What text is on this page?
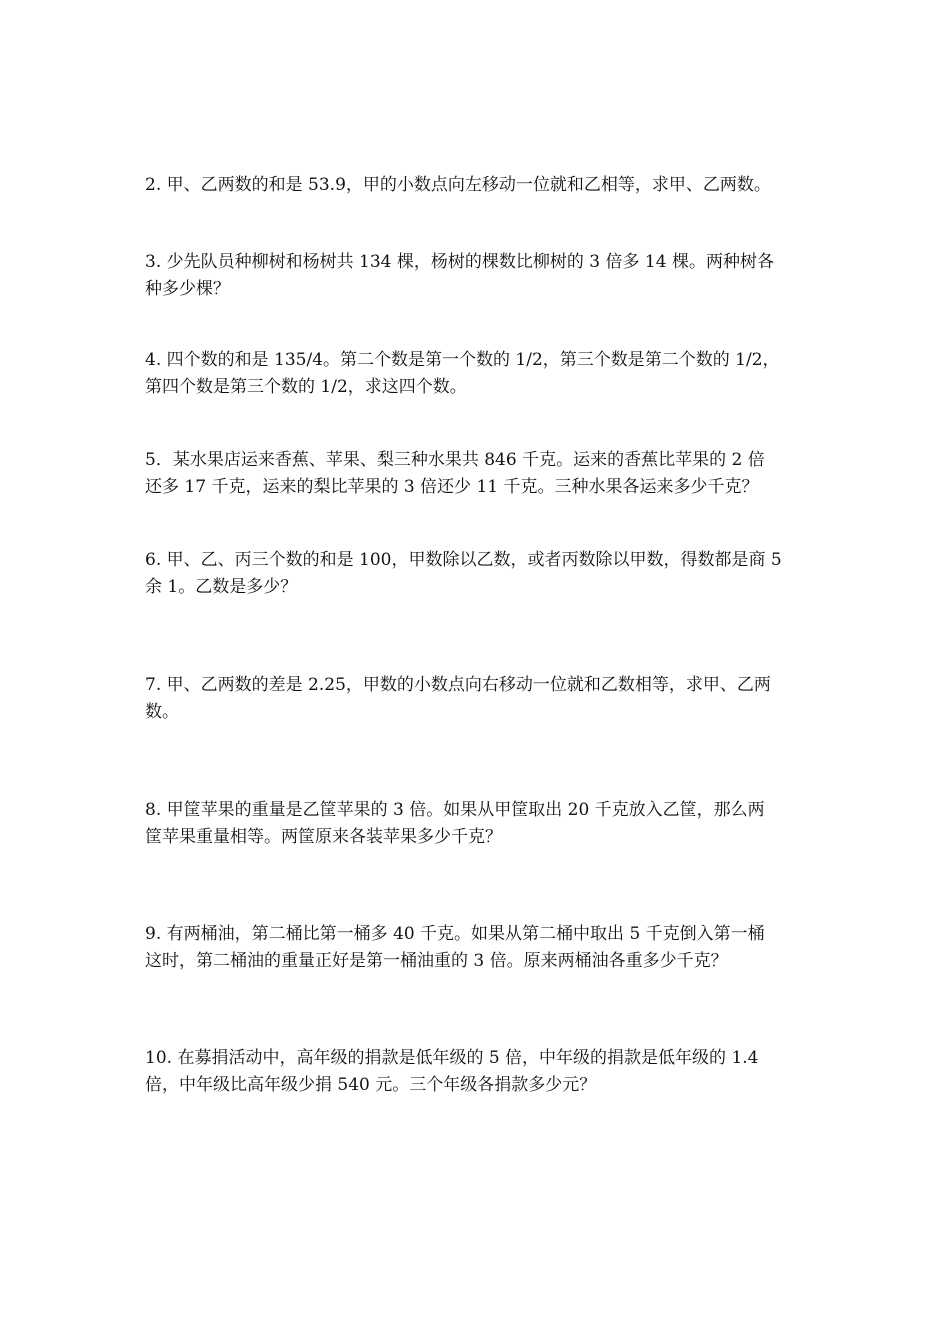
2. 甲、乙两数的和是 53.9，甲的小数点向左移动一位就和乙相等，求甲、乙两数。
3. 少先队员种柳树和杨树共 134 棵，杨树的棵数比柳树的 3 倍多 14 棵。两种树各
种多少棵？
4. 四个数的和是 135/4。第二个数是第一个数的 1/2，第三个数是第二个数的 1/2，
第四个数是第三个数的 1/2，求这四个数。
5．某水果店运来香蕉、苹果、梨三种水果共 846 千克。运来的香蕉比苹果的 2 倍
还多 17 千克，运来的梨比苹果的 3 倍还少 11 千克。三种水果各运来多少千克？
6. 甲、乙、丙三个数的和是 100，甲数除以乙数，或者丙数除以甲数，得数都是商 5
余 1。乙数是多少？
7. 甲、乙两数的差是 2.25，甲数的小数点向右移动一位就和乙数相等，求甲、乙两
数。
8. 甲筐苹果的重量是乙筐苹果的 3 倍。如果从甲筐取出 20 千克放入乙筐，那么两
筐苹果重量相等。两筐原来各装苹果多少千克？
9. 有两桶油，第二桶比第一桶多 40 千克。如果从第二桶中取出 5 千克倒入第一桶
这时，第二桶油的重量正好是第一桶油重的 3 倍。原来两桶油各重多少千克？
10. 在募捐活动中，高年级的捐款是低年级的 5 倍，中年级的捐款是低年级的 1.4
倍，中年级比高年级少捐 540 元。三个年级各捐款多少元？
